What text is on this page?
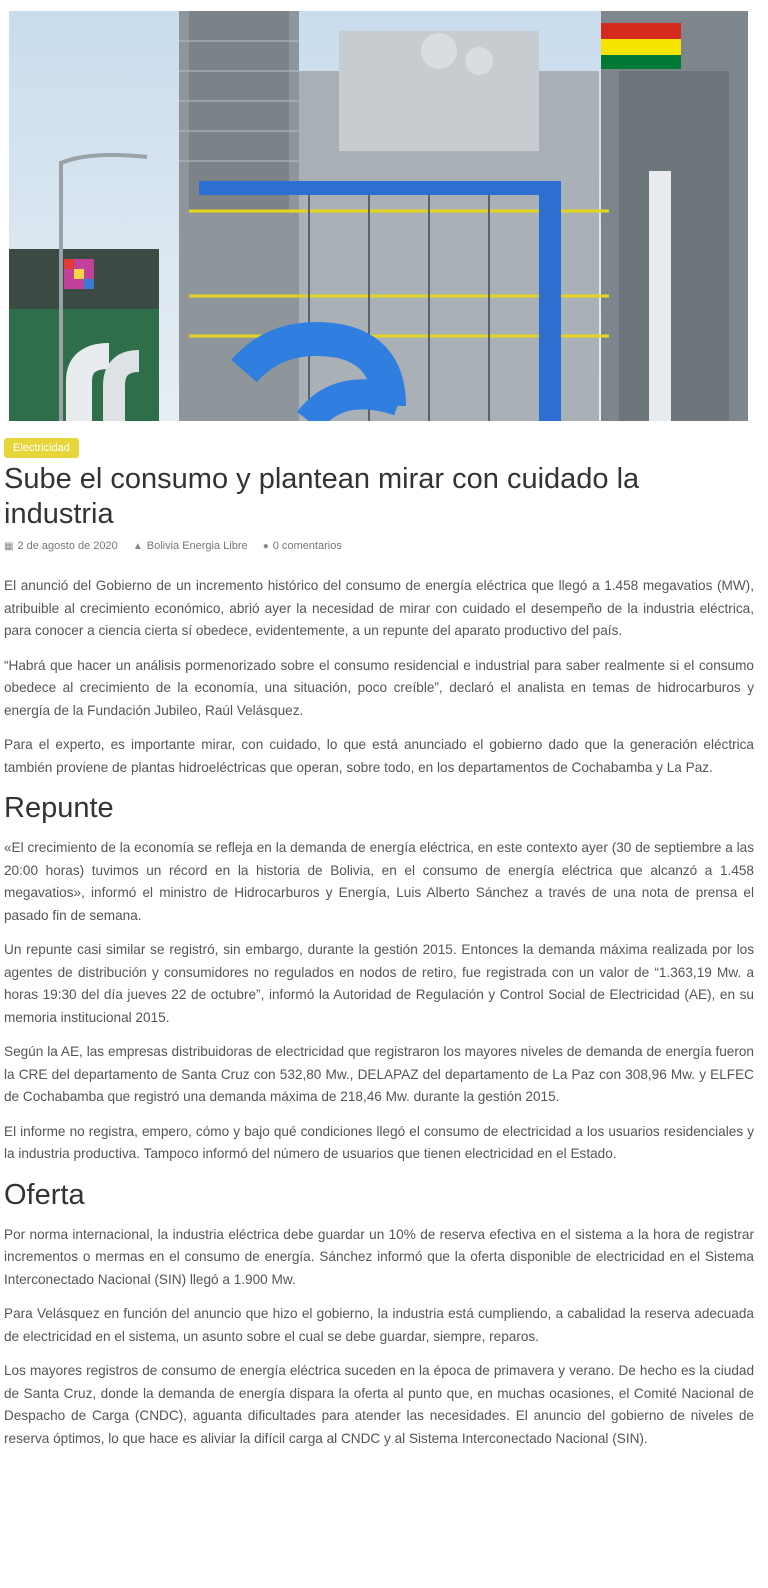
Electricidad
Sube el consumo y plantean mirar con cuidado la industria
▦ 2 de agosto de 2020 ▲ Bolivia Energia Libre ● 0 comentarios

El anunció del Gobierno de un incremento histórico del consumo de energía eléctrica que llegó a 1.458 megavatios (MW), atribuible al crecimiento económico, abrió ayer la necesidad de mirar con cuidado el desempeño de la industria eléctrica, para conocer a ciencia cierta sí obedece, evidentemente, a un repunte del aparato productivo del país.

“Habrá que hacer un análisis pormenorizado sobre el consumo residencial e industrial para saber realmente si el consumo obedece al crecimiento de la economía, una situación, poco creíble”, declaró el analista en temas de hidrocarburos y energía de la Fundación Jubileo, Raúl Velásquez.

Para el experto, es importante mirar, con cuidado, lo que está anunciado el gobierno dado que la generación eléctrica también proviene de plantas hidroeléctricas que operan, sobre todo, en los departamentos de Cochabamba y La Paz.

Repunte

«El crecimiento de la economía se refleja en la demanda de energía eléctrica, en este contexto ayer (30 de septiembre a las 20:00 horas) tuvimos un récord en la historia de Bolivia, en el consumo de energía eléctrica que alcanzó a 1.458 megavatios», informó el ministro de Hidrocarburos y Energía, Luis Alberto Sánchez a través de una nota de prensa el pasado fin de semana.

Un repunte casi similar se registró, sin embargo, durante la gestión 2015. Entonces la demanda máxima realizada por los agentes de distribución y consumidores no regulados en nodos de retiro, fue registrada con un valor de “1.363,19 Mw. a horas 19:30 del día jueves 22 de octubre”, informó la Autoridad de Regulación y Control Social de Electricidad (AE), en su memoria institucional 2015.

Según la AE, las empresas distribuidoras de electricidad que registraron los mayores niveles de demanda de energía fueron la CRE del departamento de Santa Cruz con 532,80 Mw., DELAPAZ del departamento de La Paz con 308,96 Mw. y ELFEC de Cochabamba que registró una demanda máxima de 218,46 Mw. durante la gestión 2015.

El informe no registra, empero, cómo y bajo qué condiciones llegó el consumo de electricidad a los usuarios residenciales y la industria productiva. Tampoco informó del número de usuarios que tienen electricidad en el Estado.

Oferta

Por norma internacional, la industria eléctrica debe guardar un 10% de reserva efectiva en el sistema a la hora de registrar incrementos o mermas en el consumo de energía. Sánchez informó que la oferta disponible de electricidad en el Sistema Interconectado Nacional (SIN) llegó a 1.900 Mw.

Para Velásquez en función del anuncio que hizo el gobierno, la industria está cumpliendo, a cabalidad la reserva adecuada de electricidad en el sistema, un asunto sobre el cual se debe guardar, siempre, reparos.

Los mayores registros de consumo de energía eléctrica suceden en la época de primavera y verano. De hecho es la ciudad de Santa Cruz, donde la demanda de energía dispara la oferta al punto que, en muchas ocasiones, el Comité Nacional de Despacho de Carga (CNDC), aguanta dificultades para atender las necesidades. El anuncio del gobierno de niveles de reserva óptimos, lo que hace es aliviar la difícil carga al CNDC y al Sistema Interconectado Nacional (SIN).
